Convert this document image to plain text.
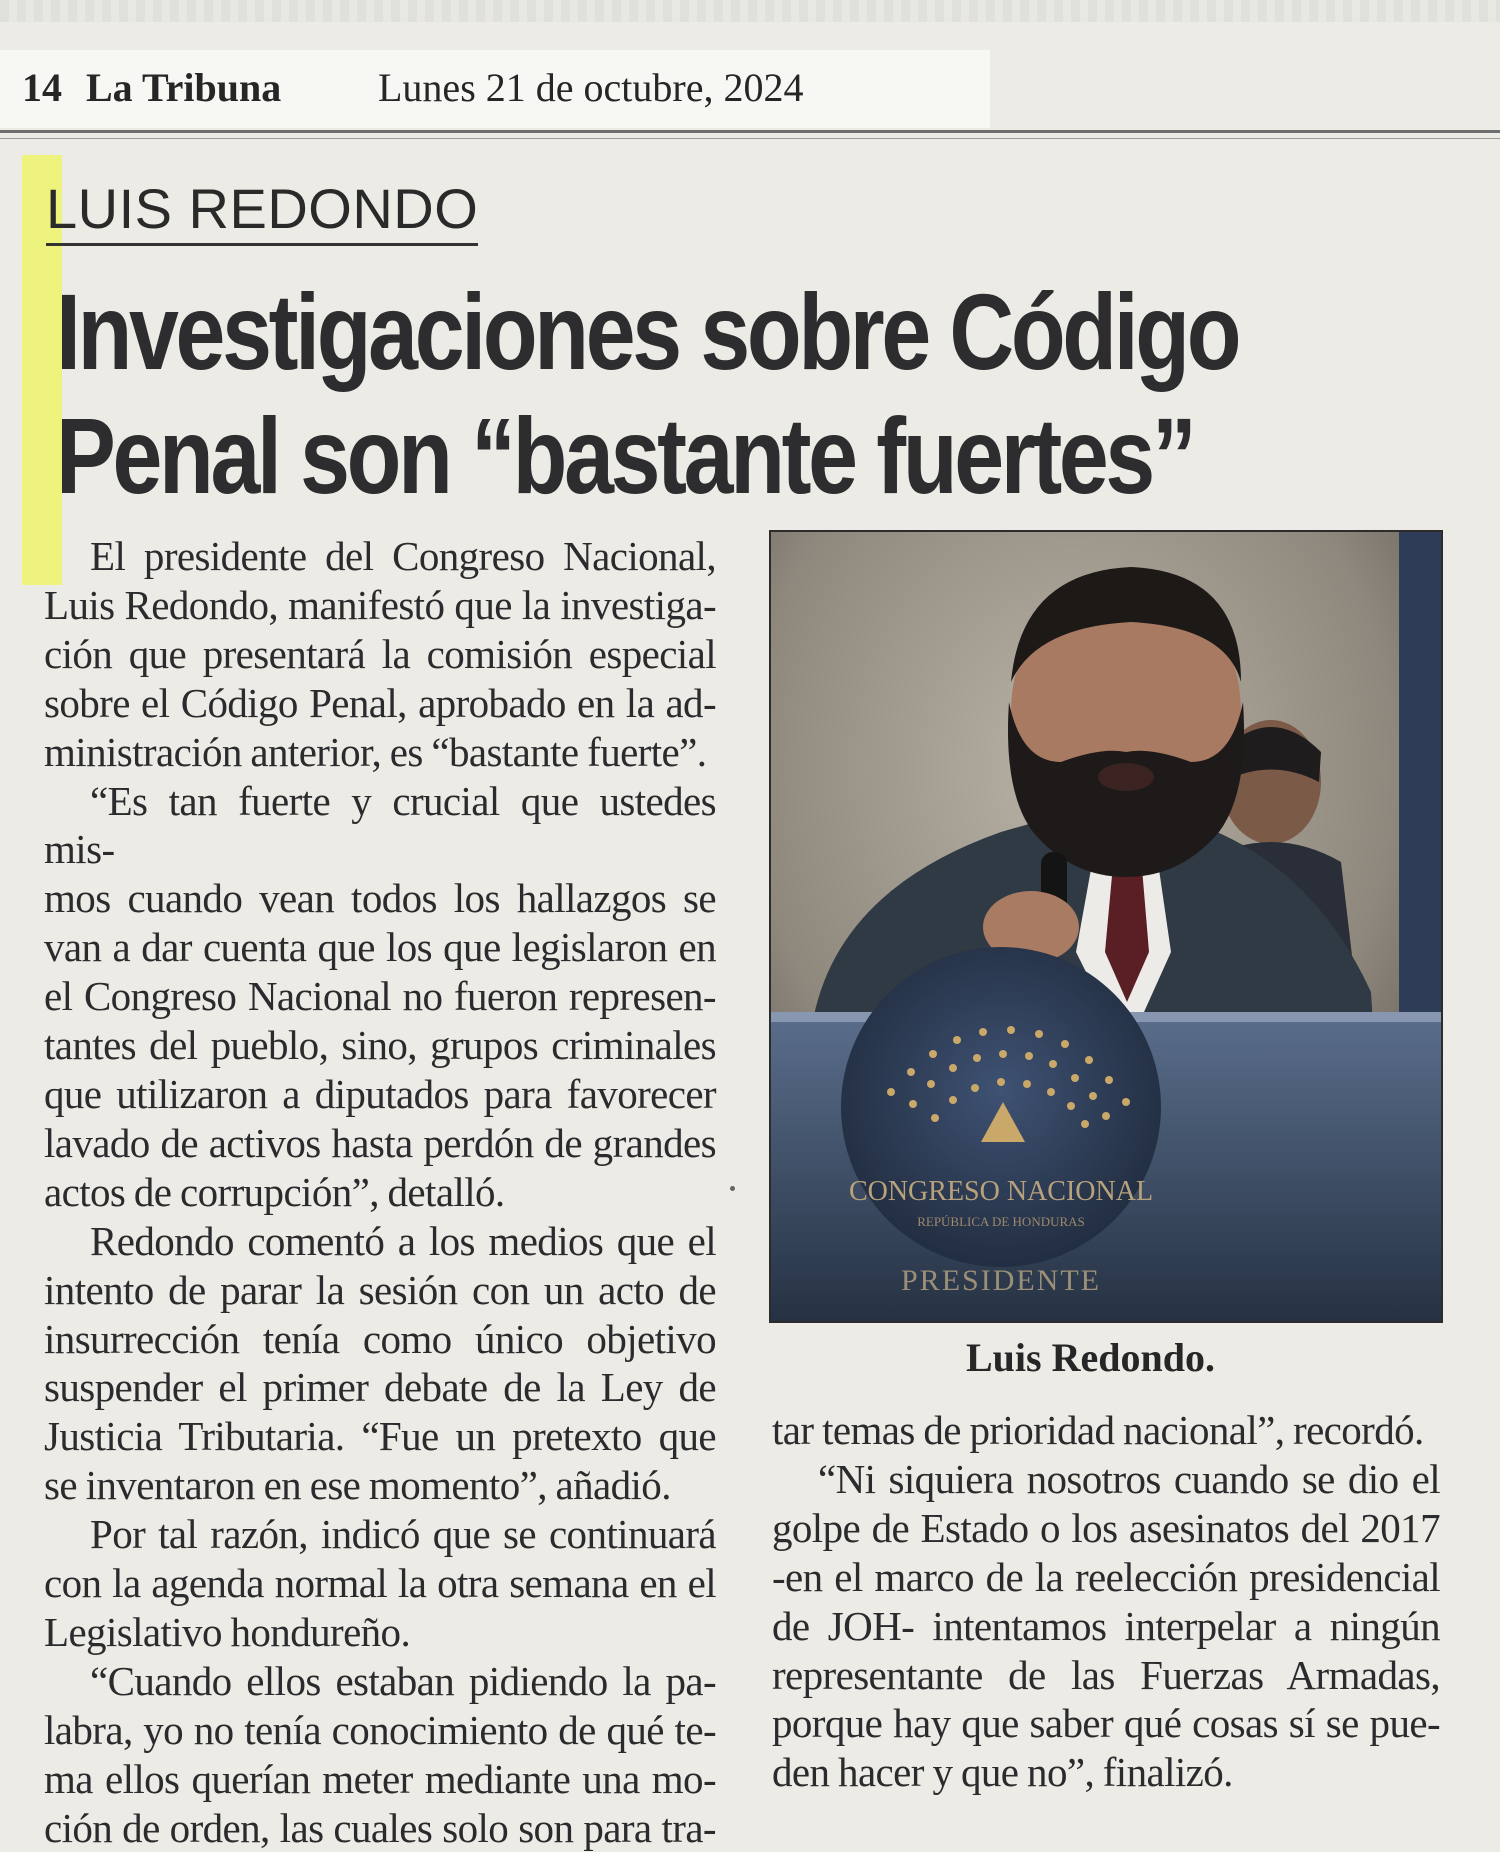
14 La Tribuna Lunes 21 de octubre, 2024
LUIS REDONDO
Investigaciones sobre Código
Penal son “bastante fuertes”

El presidente del Congreso Nacional,

Luis Redondo, manifestó que la investiga-

ción que presentará la comisión especial

sobre el Código Penal, aprobado en la ad-

ministración anterior, es “bastante fuerte”.

“Es tan fuerte y crucial que ustedes mis-

mos cuando vean todos los hallazgos se

van a dar cuenta que los que legislaron en

el Congreso Nacional no fueron represen-

tantes del pueblo, sino, grupos criminales

que utilizaron a diputados para favorecer

lavado de activos hasta perdón de grandes

actos de corrupción”, detalló.

Redondo comentó a los medios que el

intento de parar la sesión con un acto de

insurrección tenía como único objetivo

suspender el primer debate de la Ley de

Justicia Tributaria. “Fue un pretexto que

se inventaron en ese momento”, añadió.

Por tal razón, indicó que se continuará

con la agenda normal la otra semana en el

Legislativo hondureño.

“Cuando ellos estaban pidiendo la pa-

labra, yo no tenía conocimiento de qué te-

ma ellos querían meter mediante una mo-

ción de orden, las cuales solo son para tra-

CONGRESO NACIONAL
REPÚBLICA DE HONDURAS
PRESIDENTE
Luis Redondo.

tar temas de prioridad nacional”, recordó.

“Ni siquiera nosotros cuando se dio el

golpe de Estado o los asesinatos del 2017

-en el marco de la reelección presidencial

de JOH- intentamos interpelar a ningún

representante de las Fuerzas Armadas,

porque hay que saber qué cosas sí se pue-

den hacer y que no”, finalizó.
